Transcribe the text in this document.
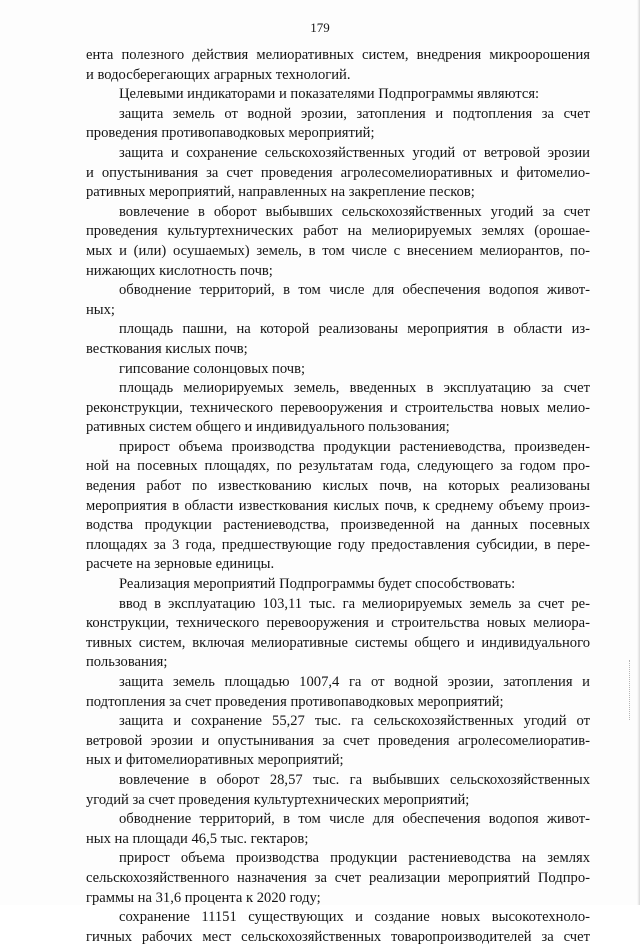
179
ента полезного действия мелиоративных систем, внедрения микроорошения
и водосберегающих аграрных технологий.
Целевыми индикаторами и показателями Подпрограммы являются:
защита земель от водной эрозии, затопления и подтопления за счет
проведения противопаводковых мероприятий;
защита и сохранение сельскохозяйственных угодий от ветровой эрозии
и опустынивания за счет проведения агролесомелиоративных и фитомелио-
ративных мероприятий, направленных на закрепление песков;
вовлечение в оборот выбывших сельскохозяйственных угодий за счет
проведения культуртехнических работ на мелиорируемых землях (орошае-
мых и (или) осушаемых) земель, в том числе с внесением мелиорантов, по-
нижающих кислотность почв;
обводнение территорий, в том числе для обеспечения водопоя живот-
ных;
площадь пашни, на которой реализованы мероприятия в области из-
весткования кислых почв;
гипсование солонцовых почв;
площадь мелиорируемых земель, введенных в эксплуатацию за счет
реконструкции, технического перевооружения и строительства новых мелио-
ративных систем общего и индивидуального пользования;
прирост объема производства продукции растениеводства, произведен-
ной на посевных площадях, по результатам года, следующего за годом про-
ведения работ по известкованию кислых почв, на которых реализованы
мероприятия в области известкования кислых почв, к среднему объему произ-
водства продукции растениеводства, произведенной на данных посевных
площадях за 3 года, предшествующие году предоставления субсидии, в пере-
расчете на зерновые единицы.
Реализация мероприятий Подпрограммы будет способствовать:
ввод в эксплуатацию 103,11 тыс. га мелиорируемых земель за счет ре-
конструкции, технического перевооружения и строительства новых мелиора-
тивных систем, включая мелиоративные системы общего и индивидуального
пользования;
защита земель площадью 1007,4 га от водной эрозии, затопления и
подтопления за счет проведения противопаводковых мероприятий;
защита и сохранение 55,27 тыс. га сельскохозяйственных угодий от
ветровой эрозии и опустынивания за счет проведения агролесомелиоратив-
ных и фитомелиоративных мероприятий;
вовлечение в оборот 28,57 тыс. га выбывших сельскохозяйственных
угодий за счет проведения культуртехнических мероприятий;
обводнение территорий, в том числе для обеспечения водопоя живот-
ных на площади 46,5 тыс. гектаров;
прирост объема производства продукции растениеводства на землях
сельскохозяйственного назначения за счет реализации мероприятий Подпро-
граммы на 31,6 процента к 2020 году;
сохранение 11151 существующих и создание новых высокотехноло-
гичных рабочих мест сельскохозяйственных товаропроизводителей за счет
